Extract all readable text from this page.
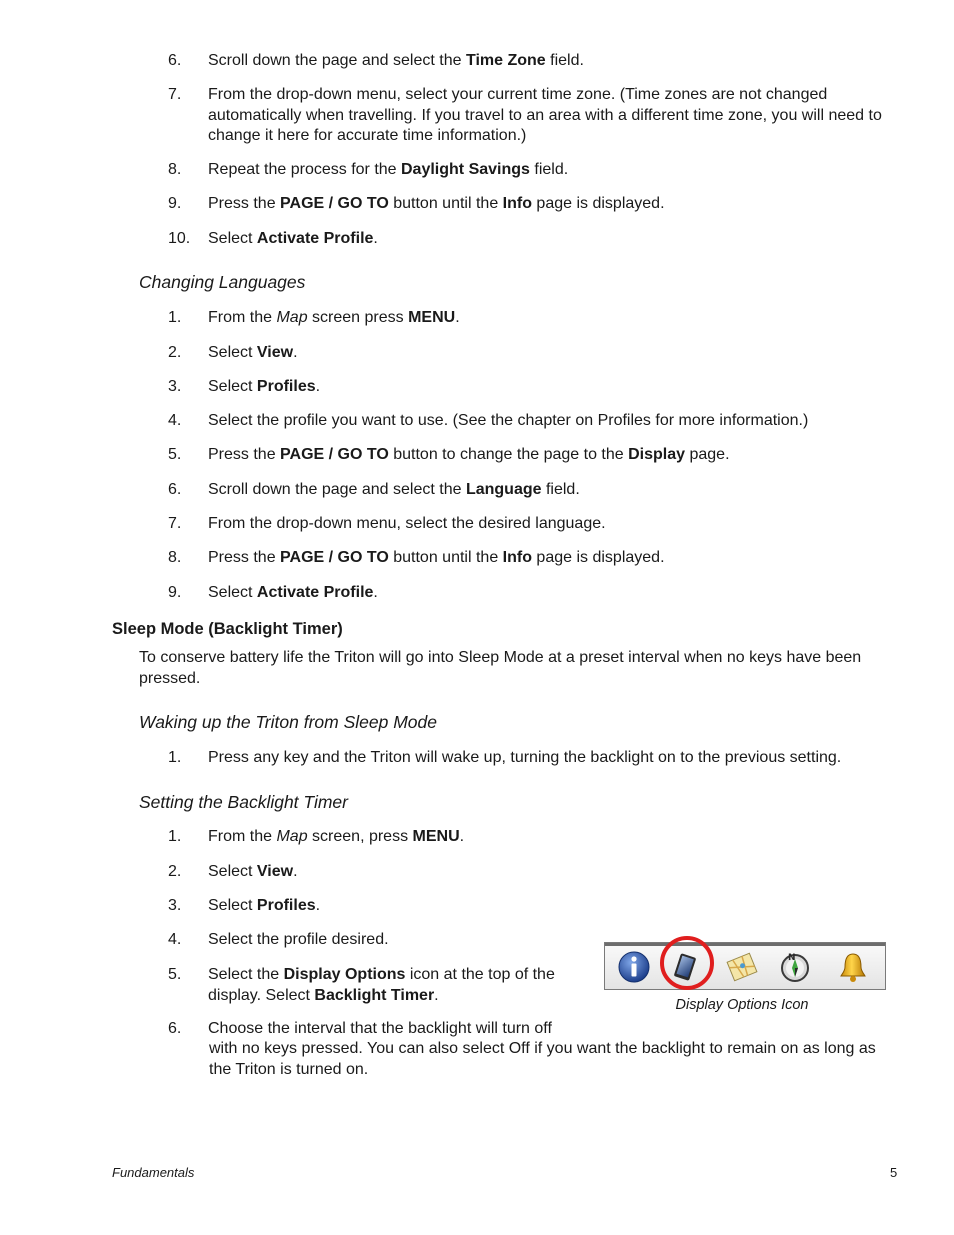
6.	Scroll down the page and select the Time Zone field.
7.	From the drop-down menu, select your current time zone. (Time zones are not changed automatically when travelling. If you travel to an area with a different time zone, you will need to change it here for accurate time information.)
8.	Repeat the process for the Daylight Savings field.
9.	Press the PAGE / GO TO button until the Info page is displayed.
10.	Select Activate Profile.
Changing Languages
1.	From the Map screen press MENU.
2.	Select View.
3.	Select Profiles.
4.	Select the profile you want to use. (See the chapter on Profiles for more information.)
5.	Press the PAGE / GO TO button to change the page to the Display page.
6.	Scroll down the page and select the Language field.
7.	From the drop-down menu, select the desired language.
8.	Press the PAGE / GO TO button until the Info page is displayed.
9.	Select Activate Profile.
Sleep Mode (Backlight Timer)
To conserve battery life the Triton will go into Sleep Mode at a preset interval when no keys have been pressed.
Waking up the Triton from Sleep Mode
1.	Press any key and the Triton will wake up, turning the backlight on to the previous setting.
Setting the Backlight Timer
1.	From the Map screen, press MENU.
2.	Select View.
3.	Select Profiles.
4.	Select the profile desired.
5.	Select the Display Options icon at the top of the display. Select Backlight Timer.
6.	Choose the interval that the backlight will turn off
with no keys pressed. You can also select Off if you want the backlight to remain on as long as the Triton is turned on.
N
Display Options Icon
Fundamentals	5
